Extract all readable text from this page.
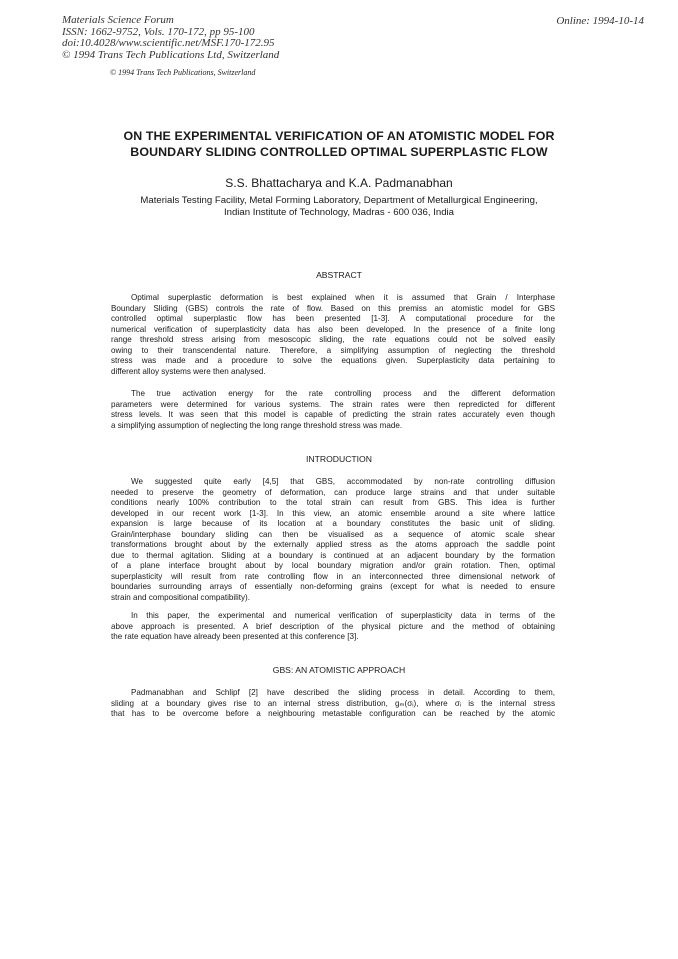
Materials Science Forum
ISSN: 1662-9752, Vols. 170-172, pp 95-100
doi:10.4028/www.scientific.net/MSF.170-172.95
© 1994 Trans Tech Publications Ltd, Switzerland
Online: 1994-10-14
© 1994 Trans Tech Publications, Switzerland
ON THE EXPERIMENTAL VERIFICATION OF AN ATOMISTIC MODEL FOR
BOUNDARY SLIDING CONTROLLED OPTIMAL SUPERPLASTIC FLOW
S.S. Bhattacharya and K.A. Padmanabhan
Materials Testing Facility, Metal Forming Laboratory, Department of Metallurgical Engineering,
Indian Institute of Technology, Madras - 600 036, India
ABSTRACT
Optimal superplastic deformation is best explained when it is assumed that Grain / Interphase
Boundary Sliding (GBS) controls the rate of flow. Based on this premiss an atomistic model for GBS
controlled optimal superplastic flow has been presented [1-3]. A computational procedure for the
numerical verification of superplasticity data has also been developed. In the presence of a finite long
range threshold stress arising from mesoscopic sliding, the rate equations could not be solved easily
owing to their transcendental nature. Therefore, a simplifying assumption of neglecting the threshold
stress was made and a procedure to solve the equations given. Superplasticity data pertaining to
different alloy systems were then analysed.
The true activation energy for the rate controlling process and the different deformation
parameters were determined for various systems. The strain rates were then repredicted for different
stress levels. It was seen that this model is capable of predicting the strain rates accurately even though
a simplifying assumption of neglecting the long range threshold stress was made.
INTRODUCTION
We suggested quite early [4,5] that GBS, accommodated by non-rate controlling diffusion
needed to preserve the geometry of deformation, can produce large strains and that under suitable
conditions nearly 100% contribution to the total strain can result from GBS. This idea is further
developed in our recent work [1-3]. In this view, an atomic ensemble around a site where lattice
expansion is large because of its location at a boundary constitutes the basic unit of sliding.
Grain/interphase boundary sliding can then be visualised as a sequence of atomic scale shear
transformations brought about by the externally applied stress as the atoms approach the saddle point
due to thermal agitation. Sliding at a boundary is continued at an adjacent boundary by the formation
of a plane interface brought about by local boundary migration and/or grain rotation. Then, optimal
superplasticity will result from rate controlling flow in an interconnected three dimensional network of
boundaries surrounding arrays of essentially non-deforming grains (except for what is needed to ensure
strain and compositional compatibility).
In this paper, the experimental and numerical verification of superplasticity data in terms of the
above approach is presented. A brief description of the physical picture and the method of obtaining
the rate equation have already been presented at this conference [3].
GBS: AN ATOMISTIC APPROACH
Padmanabhan and Schlipf [2] have described the sliding process in detail. According to them,
sliding at a boundary gives rise to an internal stress distribution, gₘ(σᵢ), where σᵢ is the internal stress
that has to be overcome before a neighbouring metastable configuration can be reached by the atomic
